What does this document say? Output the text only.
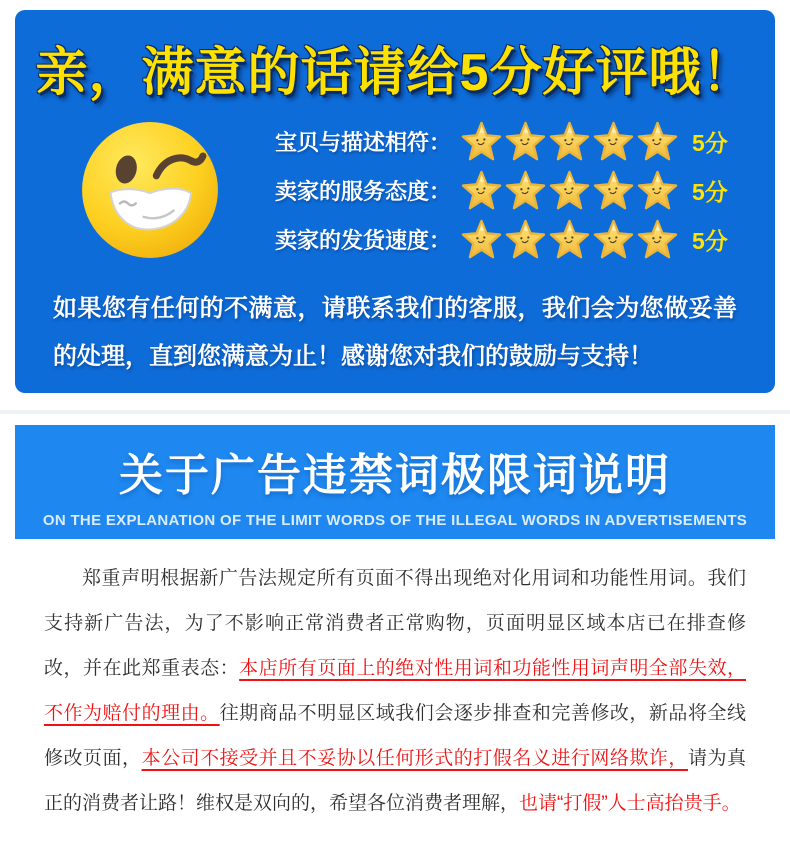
亲，满意的话请给5分好评哦！
宝贝与描述相符：	5分
卖家的服务态度：	5分
卖家的发货速度：	5分

如果您有任何的不满意，请联系我们的客服，我们会为您做妥善的处理，直到您满意为止！感谢您对我们的鼓励与支持！

关于广告违禁词极限词说明

ON THE EXPLANATION OF THE LIMIT WORDS OF THE ILLEGAL WORDS IN ADVERTISEMENTS

郑重声明根据新广告法规定所有页面不得出现绝对化用词和功能性用词。我们支持新广告法，为了不影响正常消费者正常购物，页面明显区域本店已在排查修改，并在此郑重表态：本店所有页面上的绝对性用词和功能性用词声明全部失效，不作为赔付的理由。往期商品不明显区域我们会逐步排查和完善修改，新品将全线修改页面，本公司不接受并且不妥协以任何形式的打假名义进行网络欺诈，请为真正的消费者让路！维权是双向的，希望各位消费者理解，也请“打假”人士高抬贵手。
